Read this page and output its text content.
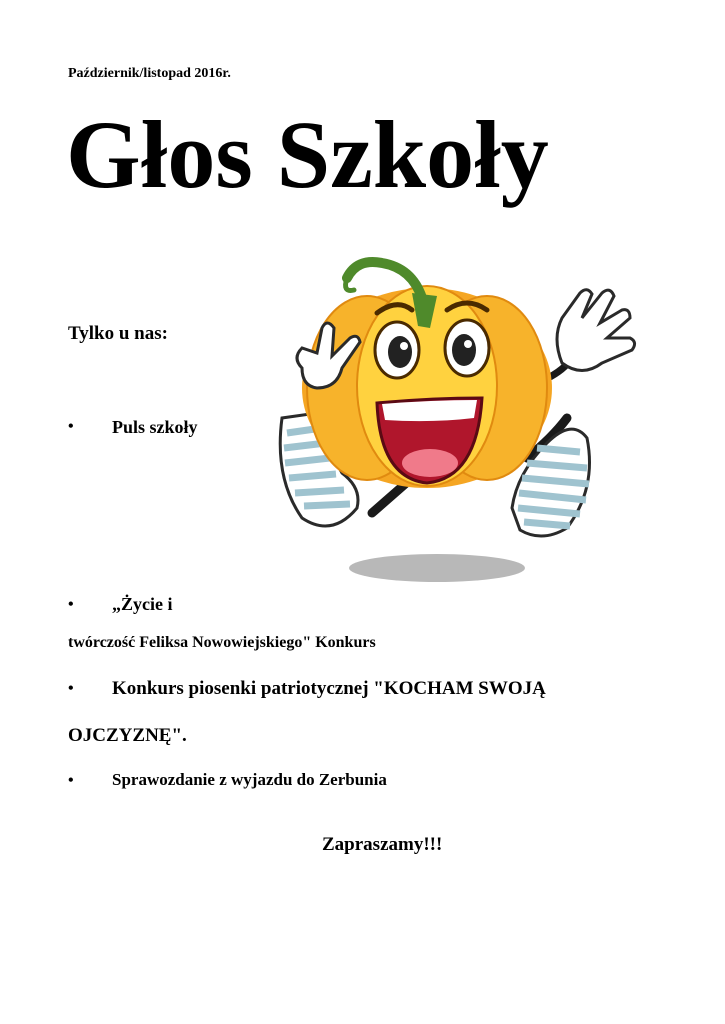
Październik/listopad 2016r.
Głos Szkoły
Tylko u nas:
• Puls szkoły
• „Życie i
twórczość Feliksa Nowowiejskiego" Konkurs
• Konkurs piosenki patriotycznej "KOCHAM SWOJĄ
OJCZYZNĘ".
• Sprawozdanie z wyjazdu do Zerbunia
Zapraszamy!!!
